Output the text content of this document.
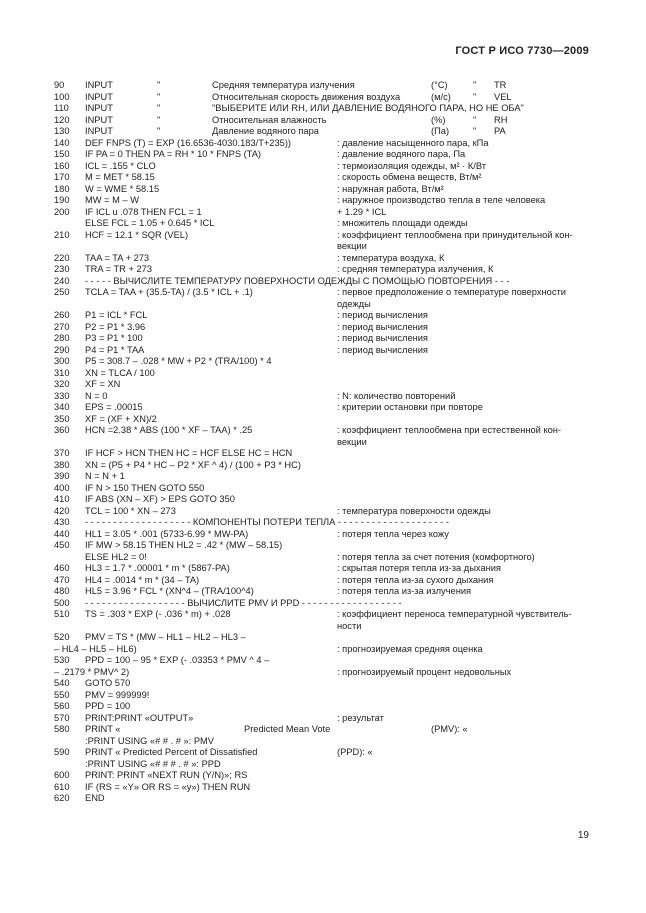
ГОСТ Р ИСО 7730—2009
90 INPUT	"	Средняя температура излучения	(°C)	" TR
100 INPUT	"	Относительная скорость движения воздуха	(м/с) " VEL
110 INPUT	"	"ВЫБЕРИТЕ ИЛИ RH, ИЛИ ДАВЛЕНИЕ ВОДЯНОГО ПАРА, НО НЕ ОБА"
120 INPUT	"	Относительная влажность	(%)	" RH
130 INPUT	"	Давление водяного пара	(Па)	" PA
140 DEF FNPS (T) = EXP (16.6536-4030.183/T+235))	: давление насыщенного пара, кПа
150 IF PA = 0 THEN PA = RH * 10 * FNPS (TA)	: давление водяного пара, Па
160 ICL = .155 * CLO	: термоизоляция одежды, м² · К/Вт
170 M = MET * 58.15	: скорость обмена веществ, Вт/м²
180 W = WME * 58.15	: наружная работа, Вт/м²
190 MW = M – W	: наружное производство тепла в теле человека
200 IF ICL u .078 THEN FCL = 1	+ 1.29 * ICL
ELSE FCL = 1.05 + 0.645 * ICL	: множитель площади одежды
210 HCF = 12.1 * SQR (VEL)	: коэффициент теплообмена при принудительной кон-
векции
220 TAA = TA + 273	: температура воздуха, К
230 TRA = TR + 273	: средняя температура излучения, К
240 - - - - - ВЫЧИСЛИТЕ ТЕМПЕРАТУРУ ПОВЕРХНОСТИ ОДЕЖДЫ С ПОМОЩЬЮ ПОВТОРЕНИЯ - - -
250 TCLA = TAA + (35.5-TA) / (3.5 * ICL + .1)	: первое предположение о температуре поверхности
одежды
260 P1 = ICL * FCL	: период вычисления
270 P2 = P1 * 3.96	: период вычисления
280 P3 = P1 * 100	: период вычисления
290 P4 = P1 * TAA	: период вычисления
300 P5 = 308.7 – .028 * MW + P2 * (TRA/100) * 4
310 XN = TLCA / 100
320 XF = XN
330 N = 0	: N: количество повторений
340 EPS = .00015	: критерии остановки при повторе
350 XF = (XF + XN)/2
360 HCN =2.38 * ABS (100 * XF – TAA) * .25	: коэффициент теплообмена при естественной кон-
векции
370 IF HCF > HCN THEN HC = HCF ELSE HC = HCN
380 XN = (P5 + P4 * HC – P2 * XF ^ 4) / (100 + P3 * HC)
390 N = N + 1
400 IF N > 150 THEN GOTO 550
410 IF ABS (XN – XF) > EPS GOTO 350
420 TCL = 100 * XN – 273	: температура поверхности одежды
430 - - - - - - - - - - - - - - - - - - - КОМПОНЕНТЫ ПОТЕРИ ТЕПЛА - - - - - - - - - - - - - - - - - - - -
440 HL1 = 3.05 * .001 (5733-6.99 * MW-PA)	: потеря тепла через кожу
450 IF MW > 58.15 THEN HL2 = .42 * (MW – 58.15)
ELSE HL2 = 0!	: потеря тепла за счет потения (комфортного)
460 HL3 = 1.7 * .00001 * m * (5867-PA)	: скрытая потеря тепла из-за дыхания
470 HL4 = .0014 * m * (34 – TA)	: потеря тепла из-за сухого дыхания
480 HL5 = 3.96 * FCL * (XN^4 – (TRA/100^4)	: потеря тепла из-за излучения
500 - - - - - - - - - - - - - - - - - - ВЫЧИСЛИТЕ PMV И PPD - - - - - - - - - - - - - - - - - -
510 TS = .303 * EXP (- .036 * m) + .028	: коэффициент переноса температурной чувствитель-
ности
520 PMV = TS * (MW – HL1 – HL2 – HL3 –
– HL4 – HL5 – HL6)	: прогнозируемая средняя оценка
530 PPD = 100 – 95 * EXP (- .03353 * PMV ^ 4 –
– .2179 * PMV^ 2)	: прогнозируемый процент недовольных
540 GOTO 570
550 PMV = 999999!
560 PPD = 100
570 PRINT:PRINT «OUTPUT»	: результат
580 PRINT «	Predicted Mean Vote	(PMV): «
:PRINT USING «# # . # »: PMV
590 PRINT « Predicted Percent of Dissatisfied	(PPD): «
:PRINT USING «# # # . # »: PPD
600 PRINT: PRINT «NEXT RUN (Y/N)»; RS
610 IF (RS = «Y» OR RS = «y») THEN RUN
620 END
19
